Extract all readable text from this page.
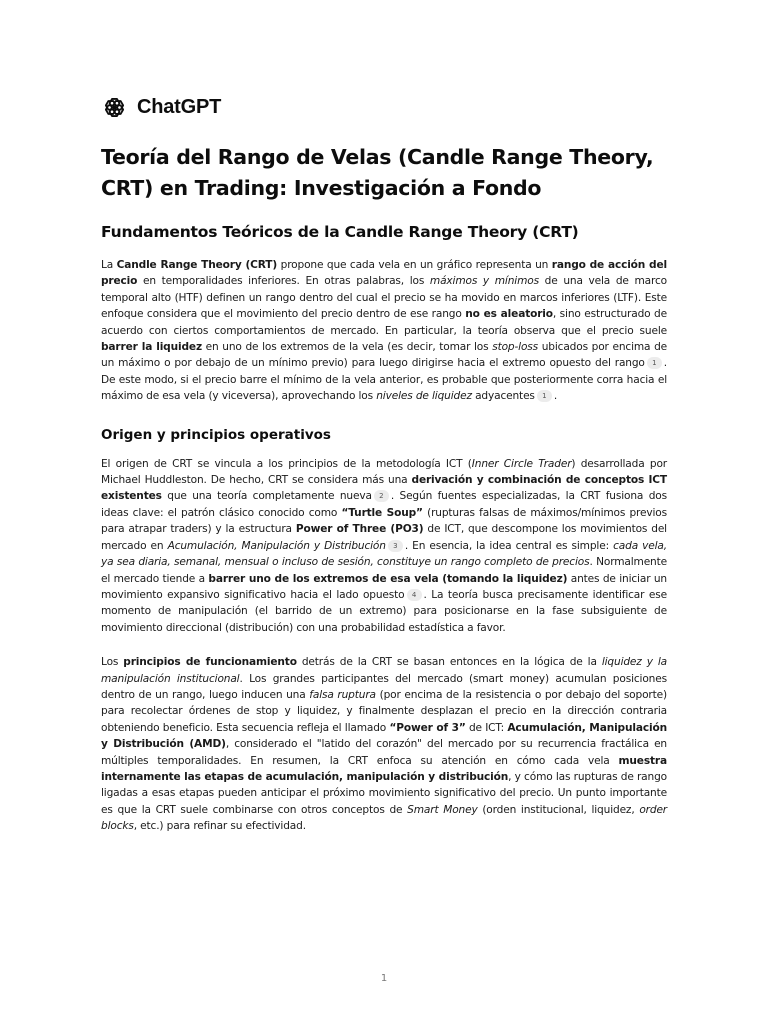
ChatGPT
Teoría del Rango de Velas (Candle Range Theory, CRT) en Trading: Investigación a Fondo
Fundamentos Teóricos de la Candle Range Theory (CRT)

La Candle Range Theory (CRT) propone que cada vela en un gráfico representa un rango de acción del precio en temporalidades inferiores. En otras palabras, los máximos y mínimos de una vela de marco temporal alto (HTF) definen un rango dentro del cual el precio se ha movido en marcos inferiores (LTF). Este enfoque considera que el movimiento del precio dentro de ese rango no es aleatorio, sino estructurado de acuerdo con ciertos comportamientos de mercado. En particular, la teoría observa que el precio suele barrer la liquidez en uno de los extremos de la vela (es decir, tomar los stop-loss ubicados por encima de un máximo o por debajo de un mínimo previo) para luego dirigirse hacia el extremo opuesto del rango 1 . De este modo, si el precio barre el mínimo de la vela anterior, es probable que posteriormente corra hacia el máximo de esa vela (y viceversa), aprovechando los niveles de liquidez adyacentes 1 .

Origen y principios operativos

El origen de CRT se vincula a los principios de la metodología ICT (Inner Circle Trader) desarrollada por Michael Huddleston. De hecho, CRT se considera más una derivación y combinación de conceptos ICT existentes que una teoría completamente nueva 2 . Según fuentes especializadas, la CRT fusiona dos ideas clave: el patrón clásico conocido como “Turtle Soup” (rupturas falsas de máximos/mínimos previos para atrapar traders) y la estructura Power of Three (PO3) de ICT, que descompone los movimientos del mercado en Acumulación, Manipulación y Distribución 3 . En esencia, la idea central es simple: cada vela, ya sea diaria, semanal, mensual o incluso de sesión, constituye un rango completo de precios. Normalmente el mercado tiende a barrer uno de los extremos de esa vela (tomando la liquidez) antes de iniciar un movimiento expansivo significativo hacia el lado opuesto 4 . La teoría busca precisamente identificar ese momento de manipulación (el barrido de un extremo) para posicionarse en la fase subsiguiente de movimiento direccional (distribución) con una probabilidad estadística a favor.

Los principios de funcionamiento detrás de la CRT se basan entonces en la lógica de la liquidez y la manipulación institucional. Los grandes participantes del mercado (smart money) acumulan posiciones dentro de un rango, luego inducen una falsa ruptura (por encima de la resistencia o por debajo del soporte) para recolectar órdenes de stop y liquidez, y finalmente desplazan el precio en la dirección contraria obteniendo beneficio. Esta secuencia refleja el llamado “Power of 3” de ICT: Acumulación, Manipulación y Distribución (AMD), considerado el "latido del corazón" del mercado por su recurrencia fractálica en múltiples temporalidades. En resumen, la CRT enfoca su atención en cómo cada vela muestra internamente las etapas de acumulación, manipulación y distribución, y cómo las rupturas de rango ligadas a esas etapas pueden anticipar el próximo movimiento significativo del precio. Un punto importante es que la CRT suele combinarse con otros conceptos de Smart Money (orden institucional, liquidez, order blocks, etc.) para refinar su efectividad.

1
